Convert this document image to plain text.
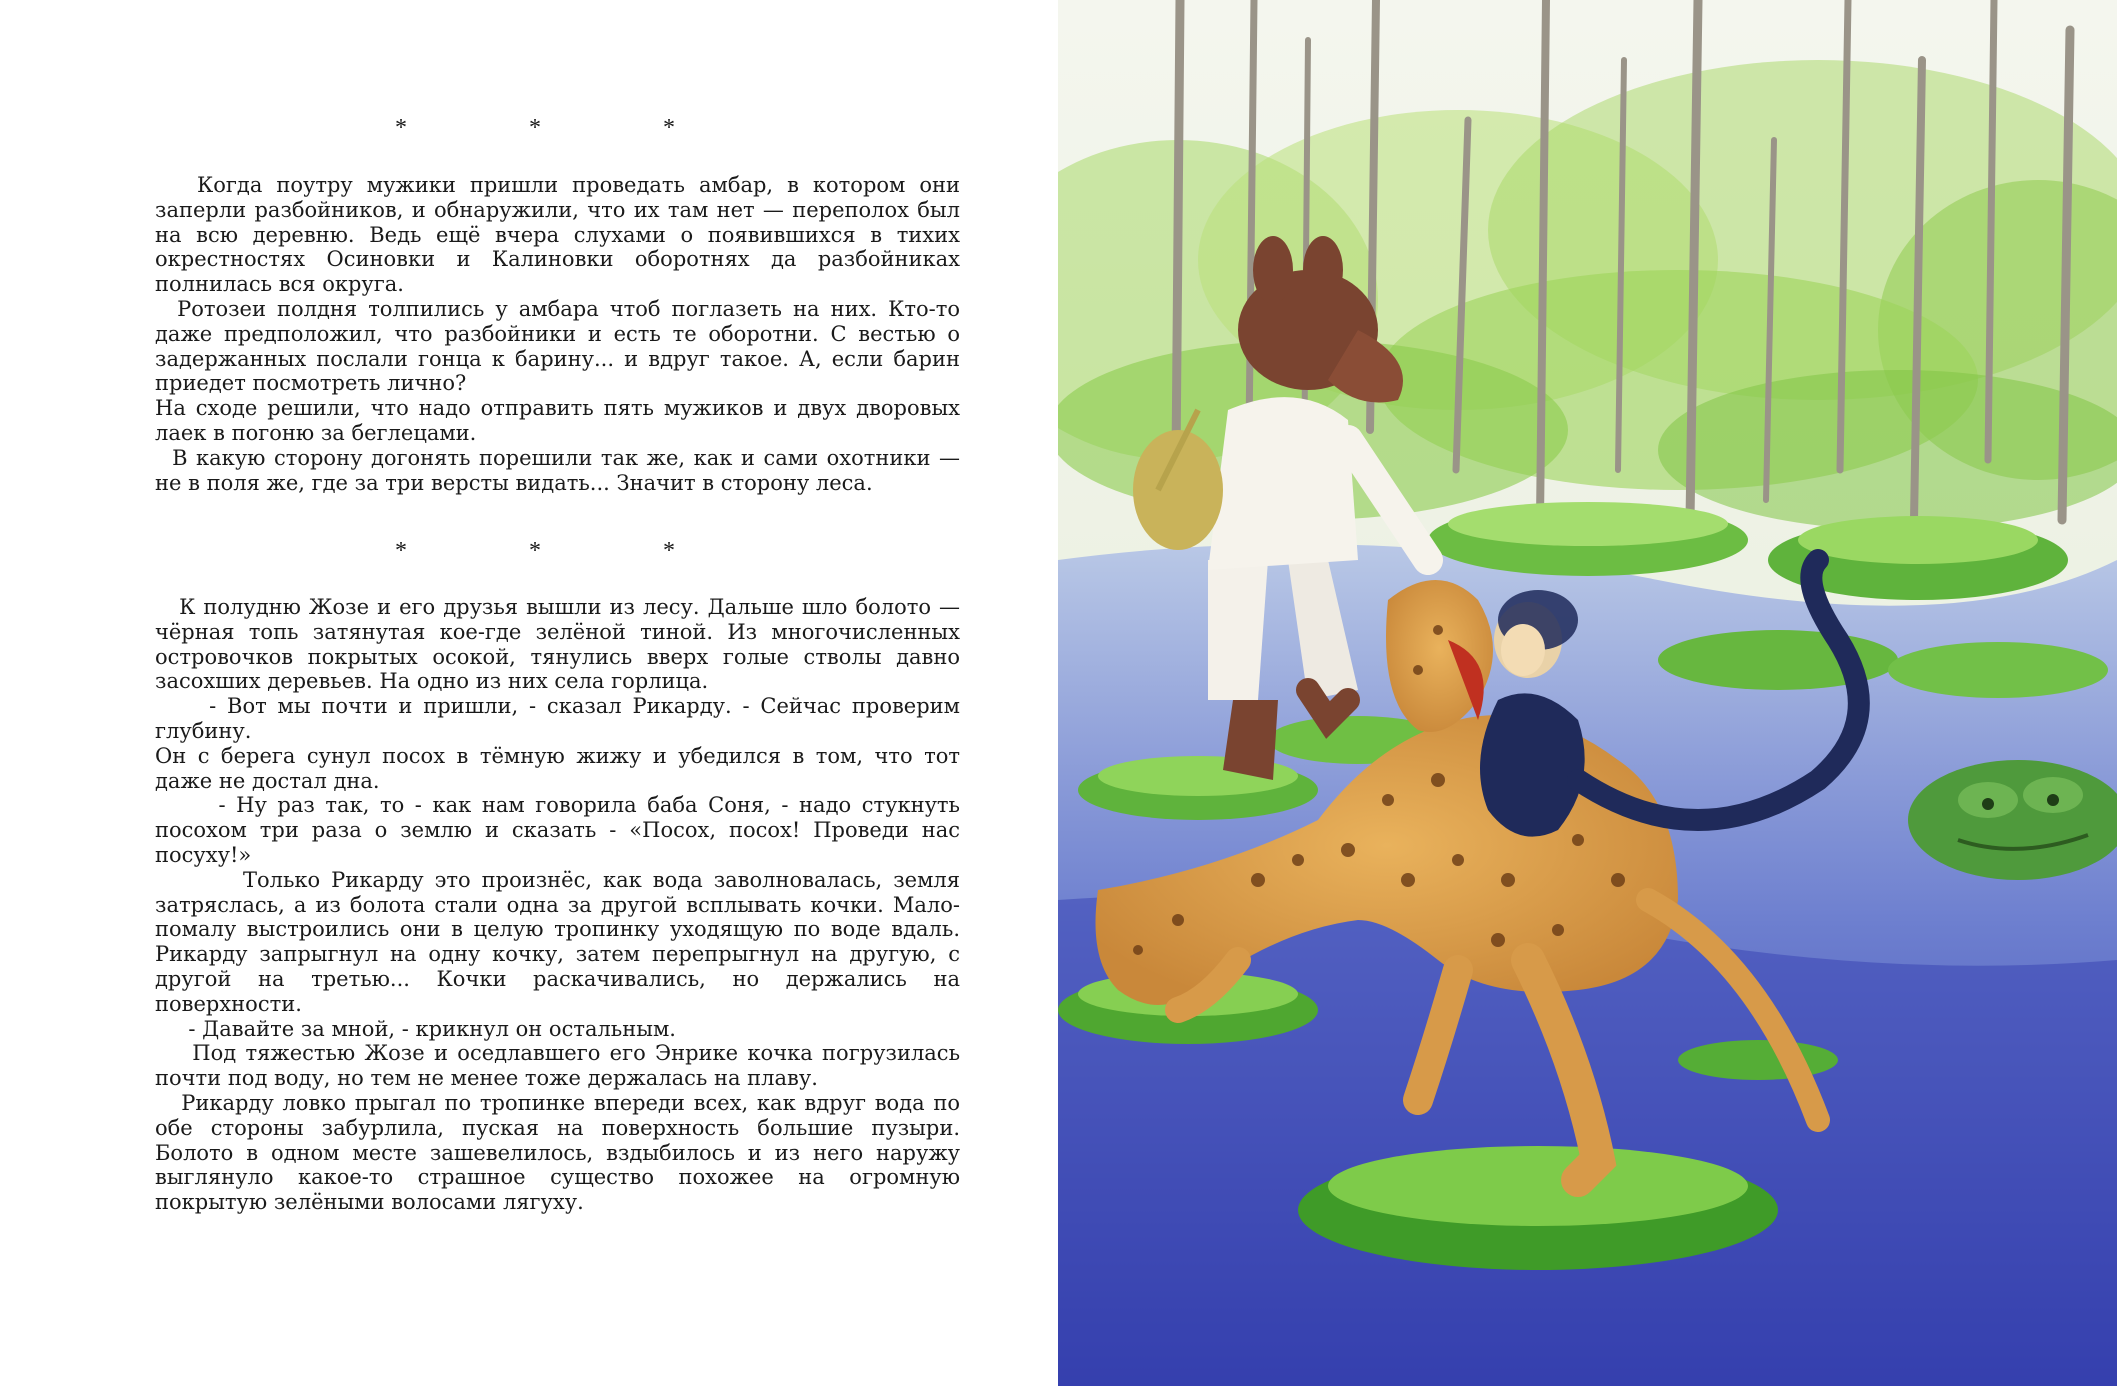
*	*	*

Когда поутру мужики пришли проведать амбар, в котором они заперли разбойников, и обнаружили, что их там нет — переполох был на всю деревню. Ведь ещё вчера слухами о появившихся в тихих окрестностях Осиновки и Калиновки оборотнях да разбойниках полнилась вся округа.

Ротозеи полдня толпились у амбара чтоб поглазеть на них. Кто-то даже предположил, что разбойники и есть те оборотни. С вестью о задержанных послали гонца к барину... и вдруг такое. А, если барин приедет посмотреть лично?

На сходе решили, что надо отправить пять мужиков и двух дворовых лаек в погоню за беглецами.

В какую сторону догонять порешили так же, как и сами охотники — не в поля же, где за три версты видать... Значит в сторону леса.

*	*	*

К полудню Жозе и его друзья вышли из лесу. Дальше шло болото — чёрная топь затянутая кое-где зелёной тиной. Из многочисленных островочков покрытых осокой, тянулись вверх голые стволы давно засохших деревьев. На одно из них села горлица.

- Вот мы почти и пришли, - сказал Рикарду. - Сейчас проверим глубину.

Он с берега сунул посох в тёмную жижу и убедился в том, что тот даже не достал дна.

- Ну раз так, то - как нам говорила баба Соня, - надо стукнуть посохом три раза о землю и сказать - «Посох, посох! Проведи нас посуху!»

Только Рикарду это произнёс, как вода заволновалась, земля затряслась, а из болота стали одна за другой всплывать кочки. Мало-помалу выстроились они в целую тропинку уходящую по воде вдаль. Рикарду запрыгнул на одну кочку, затем перепрыгнул на другую, с другой на третью... Кочки раскачивались, но держались на поверхности.

- Давайте за мной, - крикнул он остальным.

Под тяжестью Жозе и оседлавшего его Энрике кочка погрузилась почти под воду, но тем не менее тоже держалась на плаву.

Рикарду ловко прыгал по тропинке впереди всех, как вдруг вода по обе стороны забурлила, пуская на поверхность большие пузыри. Болото в одном месте зашевелилось, вздыбилось и из него наружу выглянуло какое-то страшное существо похожее на огромную покрытую зелёными волосами лягуху.
